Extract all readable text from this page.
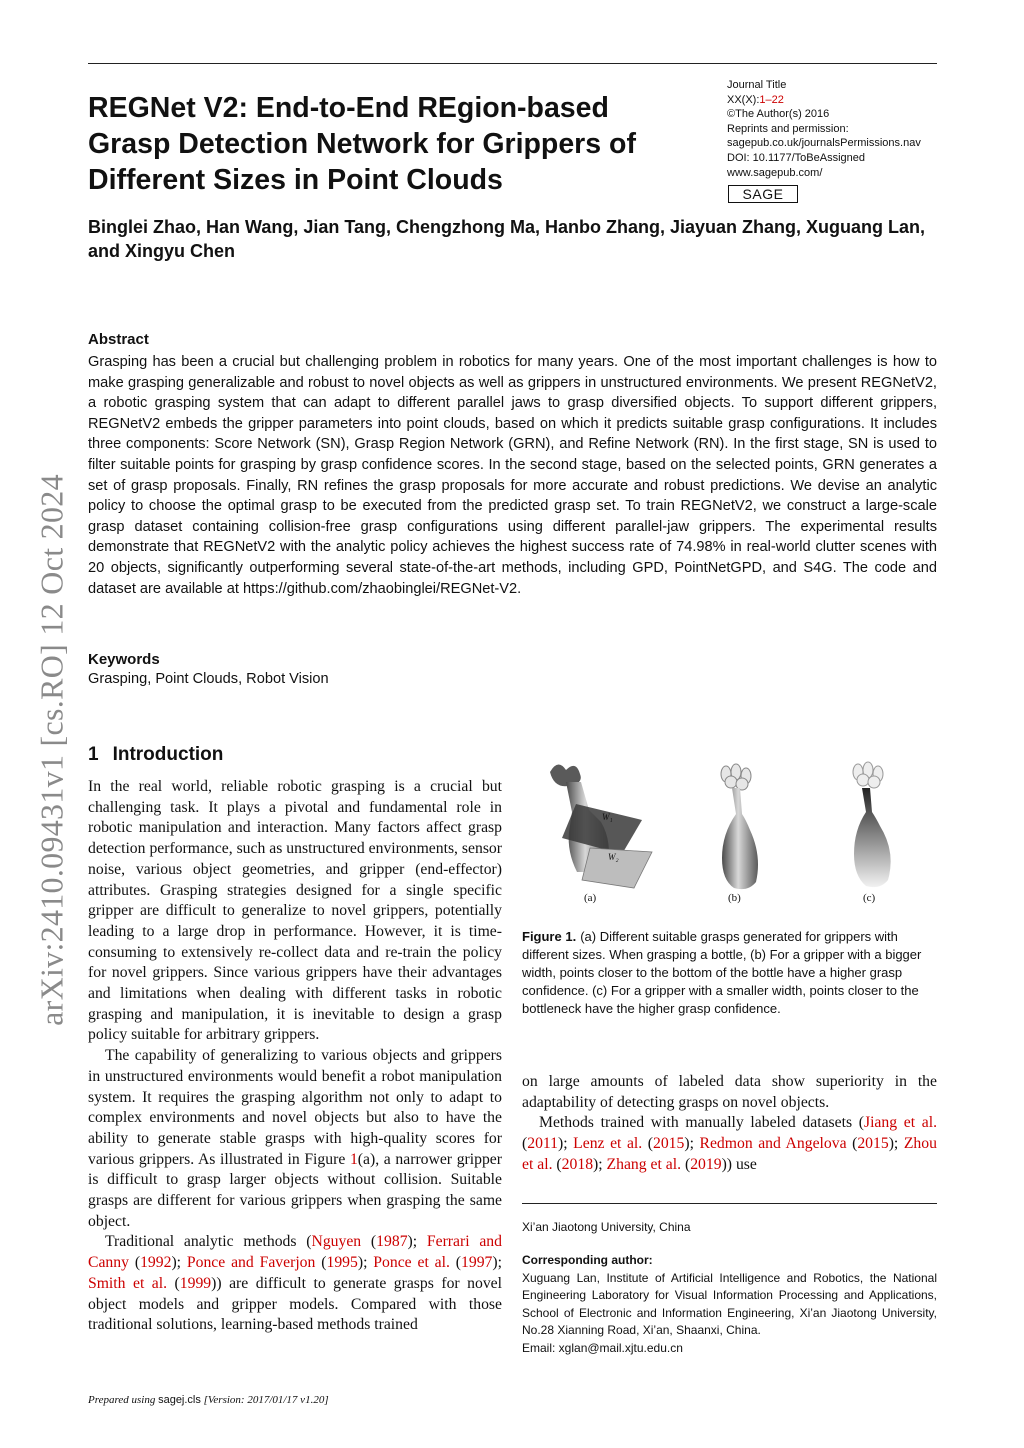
REGNet V2: End-to-End REgion-based Grasp Detection Network for Grippers of Different Sizes in Point Clouds
Journal Title
XX(X):1–22
©The Author(s) 2016
Reprints and permission:
sagepub.co.uk/journalsPermissions.nav
DOI: 10.1177/ToBeAssigned
www.sagepub.com/
SAGE
Binglei Zhao, Han Wang, Jian Tang, Chengzhong Ma, Hanbo Zhang, Jiayuan Zhang, Xuguang Lan, and Xingyu Chen
Abstract
Grasping has been a crucial but challenging problem in robotics for many years. One of the most important challenges is how to make grasping generalizable and robust to novel objects as well as grippers in unstructured environments. We present REGNetV2, a robotic grasping system that can adapt to different parallel jaws to grasp diversified objects. To support different grippers, REGNetV2 embeds the gripper parameters into point clouds, based on which it predicts suitable grasp configurations. It includes three components: Score Network (SN), Grasp Region Network (GRN), and Refine Network (RN). In the first stage, SN is used to filter suitable points for grasping by grasp confidence scores. In the second stage, based on the selected points, GRN generates a set of grasp proposals. Finally, RN refines the grasp proposals for more accurate and robust predictions. We devise an analytic policy to choose the optimal grasp to be executed from the predicted grasp set. To train REGNetV2, we construct a large-scale grasp dataset containing collision-free grasp configurations using different parallel-jaw grippers. The experimental results demonstrate that REGNetV2 with the analytic policy achieves the highest success rate of 74.98% in real-world clutter scenes with 20 objects, significantly outperforming several state-of-the-art methods, including GPD, PointNetGPD, and S4G. The code and dataset are available at https://github.com/zhaobinglei/REGNet-V2.
Keywords
Grasping, Point Clouds, Robot Vision
arXiv:2410.09431v1 [cs.RO] 12 Oct 2024 1 Introduction

In the real world, reliable robotic grasping is a crucial but challenging task. It plays a pivotal and fundamental role in robotic manipulation and interaction. Many factors affect grasp detection performance, such as unstructured environments, sensor noise, various object geometries, and gripper (end-effector) attributes. Grasping strategies designed for a single specific gripper are difficult to generalize to novel grippers, potentially leading to a large drop in performance. However, it is time-consuming to extensively re-collect data and re-train the policy for novel grippers. Since various grippers have their advantages and limitations when dealing with different tasks in robotic grasping and manipulation, it is inevitable to design a grasp policy suitable for arbitrary grippers.

The capability of generalizing to various objects and grippers in unstructured environments would benefit a robot manipulation system. It requires the grasping algorithm not only to adapt to complex environments and novel objects but also to have the ability to generate stable grasps with high-quality scores for various grippers. As illustrated in Figure 1(a), a narrower gripper is difficult to grasp larger objects without collision. Suitable grasps are different for various grippers when grasping the same object.

Traditional analytic methods (Nguyen (1987); Ferrari and Canny (1992); Ponce and Faverjon (1995); Ponce et al. (1997); Smith et al. (1999)) are difficult to generate grasps for novel object models and gripper models. Compared with those traditional solutions, learning-based methods trained

W₁
W₂
(a)	(b)	(c)
Figure 1. (a) Different suitable grasps generated for grippers with different sizes. When grasping a bottle, (b) For a gripper with a bigger width, points closer to the bottom of the bottle have a higher grasp confidence. (c) For a gripper with a smaller width, points closer to the bottleneck have the higher grasp confidence.

on large amounts of labeled data show superiority in the adaptability of detecting grasps on novel objects.

Methods trained with manually labeled datasets (Jiang et al. (2011); Lenz et al. (2015); Redmon and Angelova (2015); Zhou et al. (2018); Zhang et al. (2019)) use

Xi’an Jiaotong University, China
Corresponding author:
Xuguang Lan, Institute of Artificial Intelligence and Robotics, the National Engineering Laboratory for Visual Information Processing and Applications, School of Electronic and Information Engineering, Xi’an Jiaotong University, No.28 Xianning Road, Xi’an, Shaanxi, China.
Email: xglan@mail.xjtu.edu.cn
Prepared using sagej.cls [Version: 2017/01/17 v1.20]
